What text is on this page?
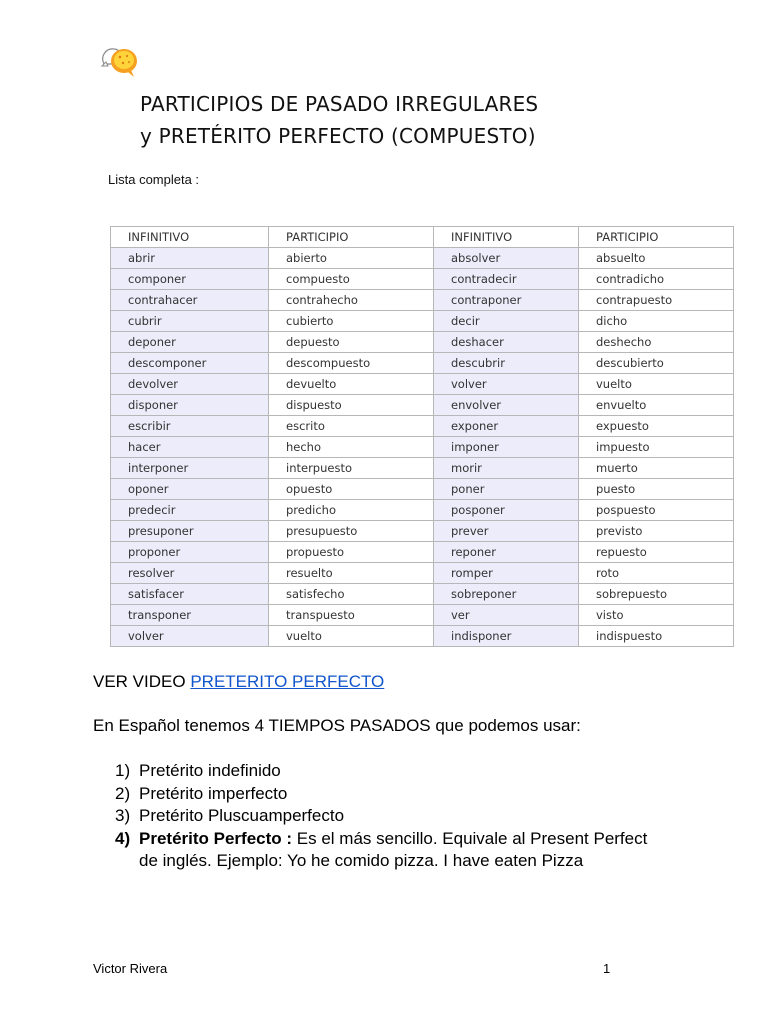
PARTICIPIOS DE PASADO IRREGULARES
y PRETÉRITO PERFECTO (COMPUESTO)
Lista completa :
INFINITIVO	PARTICIPIO	INFINITIVO	PARTICIPIO
abrir	abierto	absolver	absuelto
componer	compuesto	contradecir	contradicho
contrahacer	contrahecho	contraponer	contrapuesto
cubrir	cubierto	decir	dicho
deponer	depuesto	deshacer	deshecho
descomponer	descompuesto	descubrir	descubierto
devolver	devuelto	volver	vuelto
disponer	dispuesto	envolver	envuelto
escribir	escrito	exponer	expuesto
hacer	hecho	imponer	impuesto
interponer	interpuesto	morir	muerto
oponer	opuesto	poner	puesto
predecir	predicho	posponer	pospuesto
presuponer	presupuesto	prever	previsto
proponer	propuesto	reponer	repuesto
resolver	resuelto	romper	roto
satisfacer	satisfecho	sobreponer	sobrepuesto
transponer	transpuesto	ver	visto
volver	vuelto	indisponer	indispuesto
VER VIDEO PRETERITO PERFECTO
En Español tenemos 4 TIEMPOS PASADOS que podemos usar:
1) Pretérito indefinido
2) Pretérito imperfecto
3) Pretérito Pluscuamperfecto
4) Pretérito Perfecto : Es el más sencillo. Equivale al Present Perfect de inglés. Ejemplo: Yo he comido pizza. I have eaten Pizza
Victor Rivera	1
